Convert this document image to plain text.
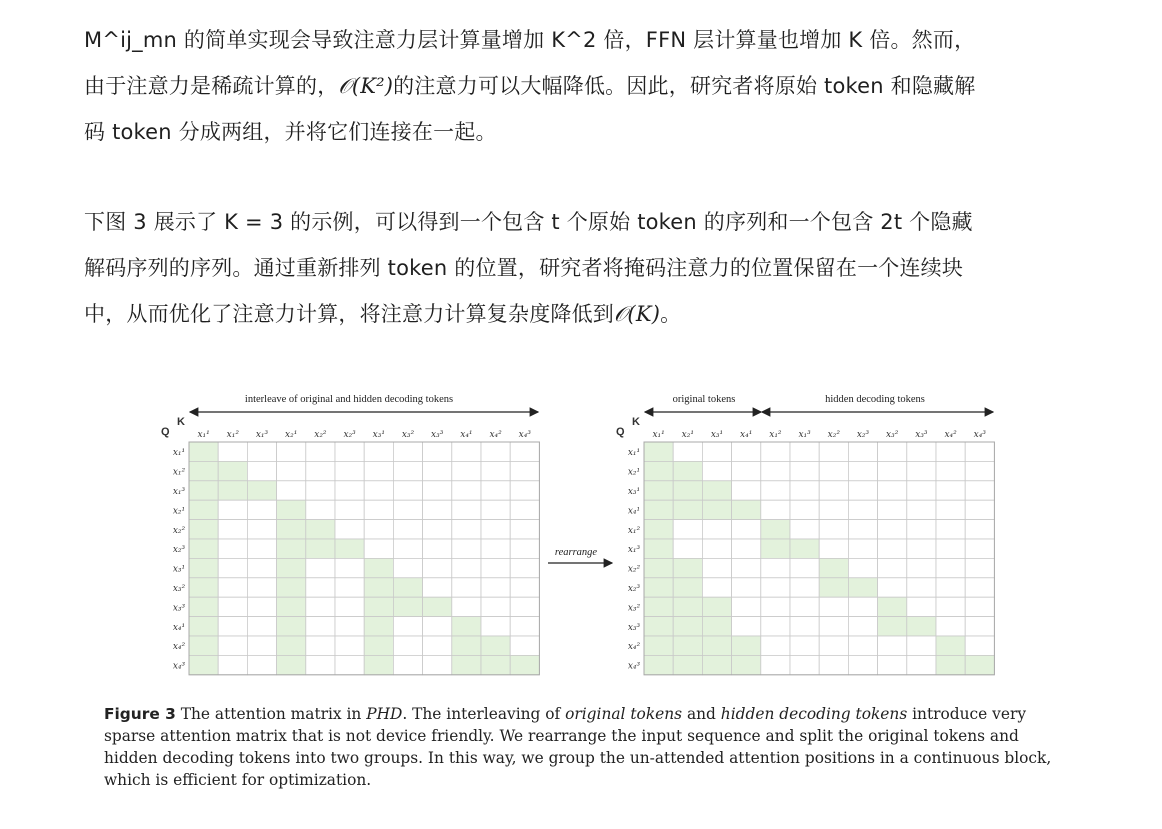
M^ij_mn 的简单实现会导致注意力层计算量增加 K^2 倍，FFN 层计算量也增加 K 倍。然而，
由于注意力是稀疏计算的，𝒪(K²)的注意力可以大幅降低。因此，研究者将原始 token 和隐藏解
码 token 分成两组，并将它们连接在一起。
下图 3 展示了 K = 3 的示例，可以得到一个包含 t 个原始 token 的序列和一个包含 2t 个隐藏
解码序列的序列。通过重新排列 token 的位置，研究者将掩码注意力的位置保留在一个连续块
中，从而优化了注意力计算，将注意力计算复杂度降低到𝒪(K)。
Q
K
x₁¹ x₁² x₁³ x₂¹ x₂² x₂³ x₃¹ x₃² x₃³ x₄¹ x₄² x₄³
x₁¹
x₁²
x₁³
x₂¹
x₂²
x₂³
x₃¹
x₃²
x₃³
x₄¹
x₄²
x₄³
Q
K
x₁¹ x₂¹ x₃¹ x₄¹ x₁² x₁³ x₂² x₂³ x₃² x₃³ x₄² x₄³
x₁¹
x₂¹
x₃¹
x₄¹
x₁²
x₁³
x₂²
x₂³
x₃²
x₃³
x₄²
x₄³
interleave of original and hidden decoding tokens	original tokens	hidden decoding tokens
rearrange
Figure 3 The attention matrix in PHD. The interleaving of original tokens and hidden decoding tokens introduce very sparse attention matrix that is not device friendly. We rearrange the input sequence and split the original tokens and hidden decoding tokens into two groups. In this way, we group the un-attended attention positions in a continuous block, which is efficient for optimization.
